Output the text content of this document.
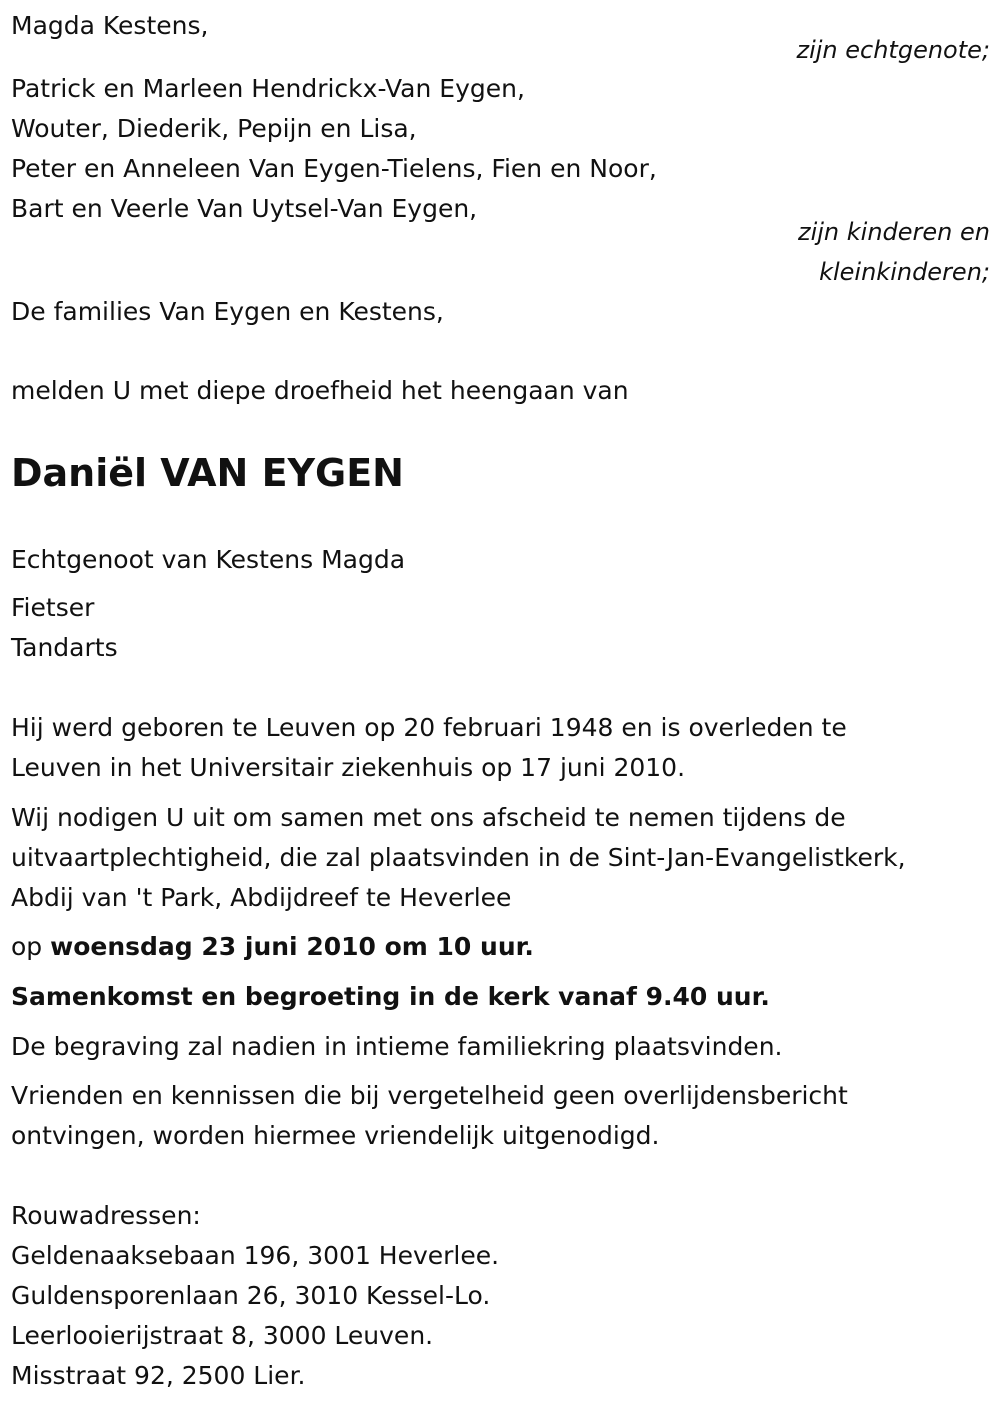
Magda Kestens,
zijn echtgenote;
Patrick en Marleen Hendrickx-Van Eygen,
Wouter, Diederik, Pepijn en Lisa,
Peter en Anneleen Van Eygen-Tielens, Fien en Noor,
Bart en Veerle Van Uytsel-Van Eygen,
zijn kinderen en
kleinkinderen;
De families Van Eygen en Kestens,
melden U met diepe droefheid het heengaan van
Daniël VAN EYGEN
Echtgenoot van Kestens Magda
Fietser
Tandarts
Hij werd geboren te Leuven op 20 februari 1948 en is overleden te
Leuven in het Universitair ziekenhuis op 17 juni 2010.
Wij nodigen U uit om samen met ons afscheid te nemen tijdens de
uitvaartplechtigheid, die zal plaatsvinden in de Sint-Jan-Evangelistkerk,
Abdij van 't Park, Abdijdreef te Heverlee
op woensdag 23 juni 2010 om 10 uur.
Samenkomst en begroeting in de kerk vanaf 9.40 uur.
De begraving zal nadien in intieme familiekring plaatsvinden.
Vrienden en kennissen die bij vergetelheid geen overlijdensbericht
ontvingen, worden hiermee vriendelijk uitgenodigd.
Rouwadressen:
Geldenaaksebaan 196, 3001 Heverlee.
Guldensporenlaan 26, 3010 Kessel-Lo.
Leerlooierijstraat 8, 3000 Leuven.
Misstraat 92, 2500 Lier.
